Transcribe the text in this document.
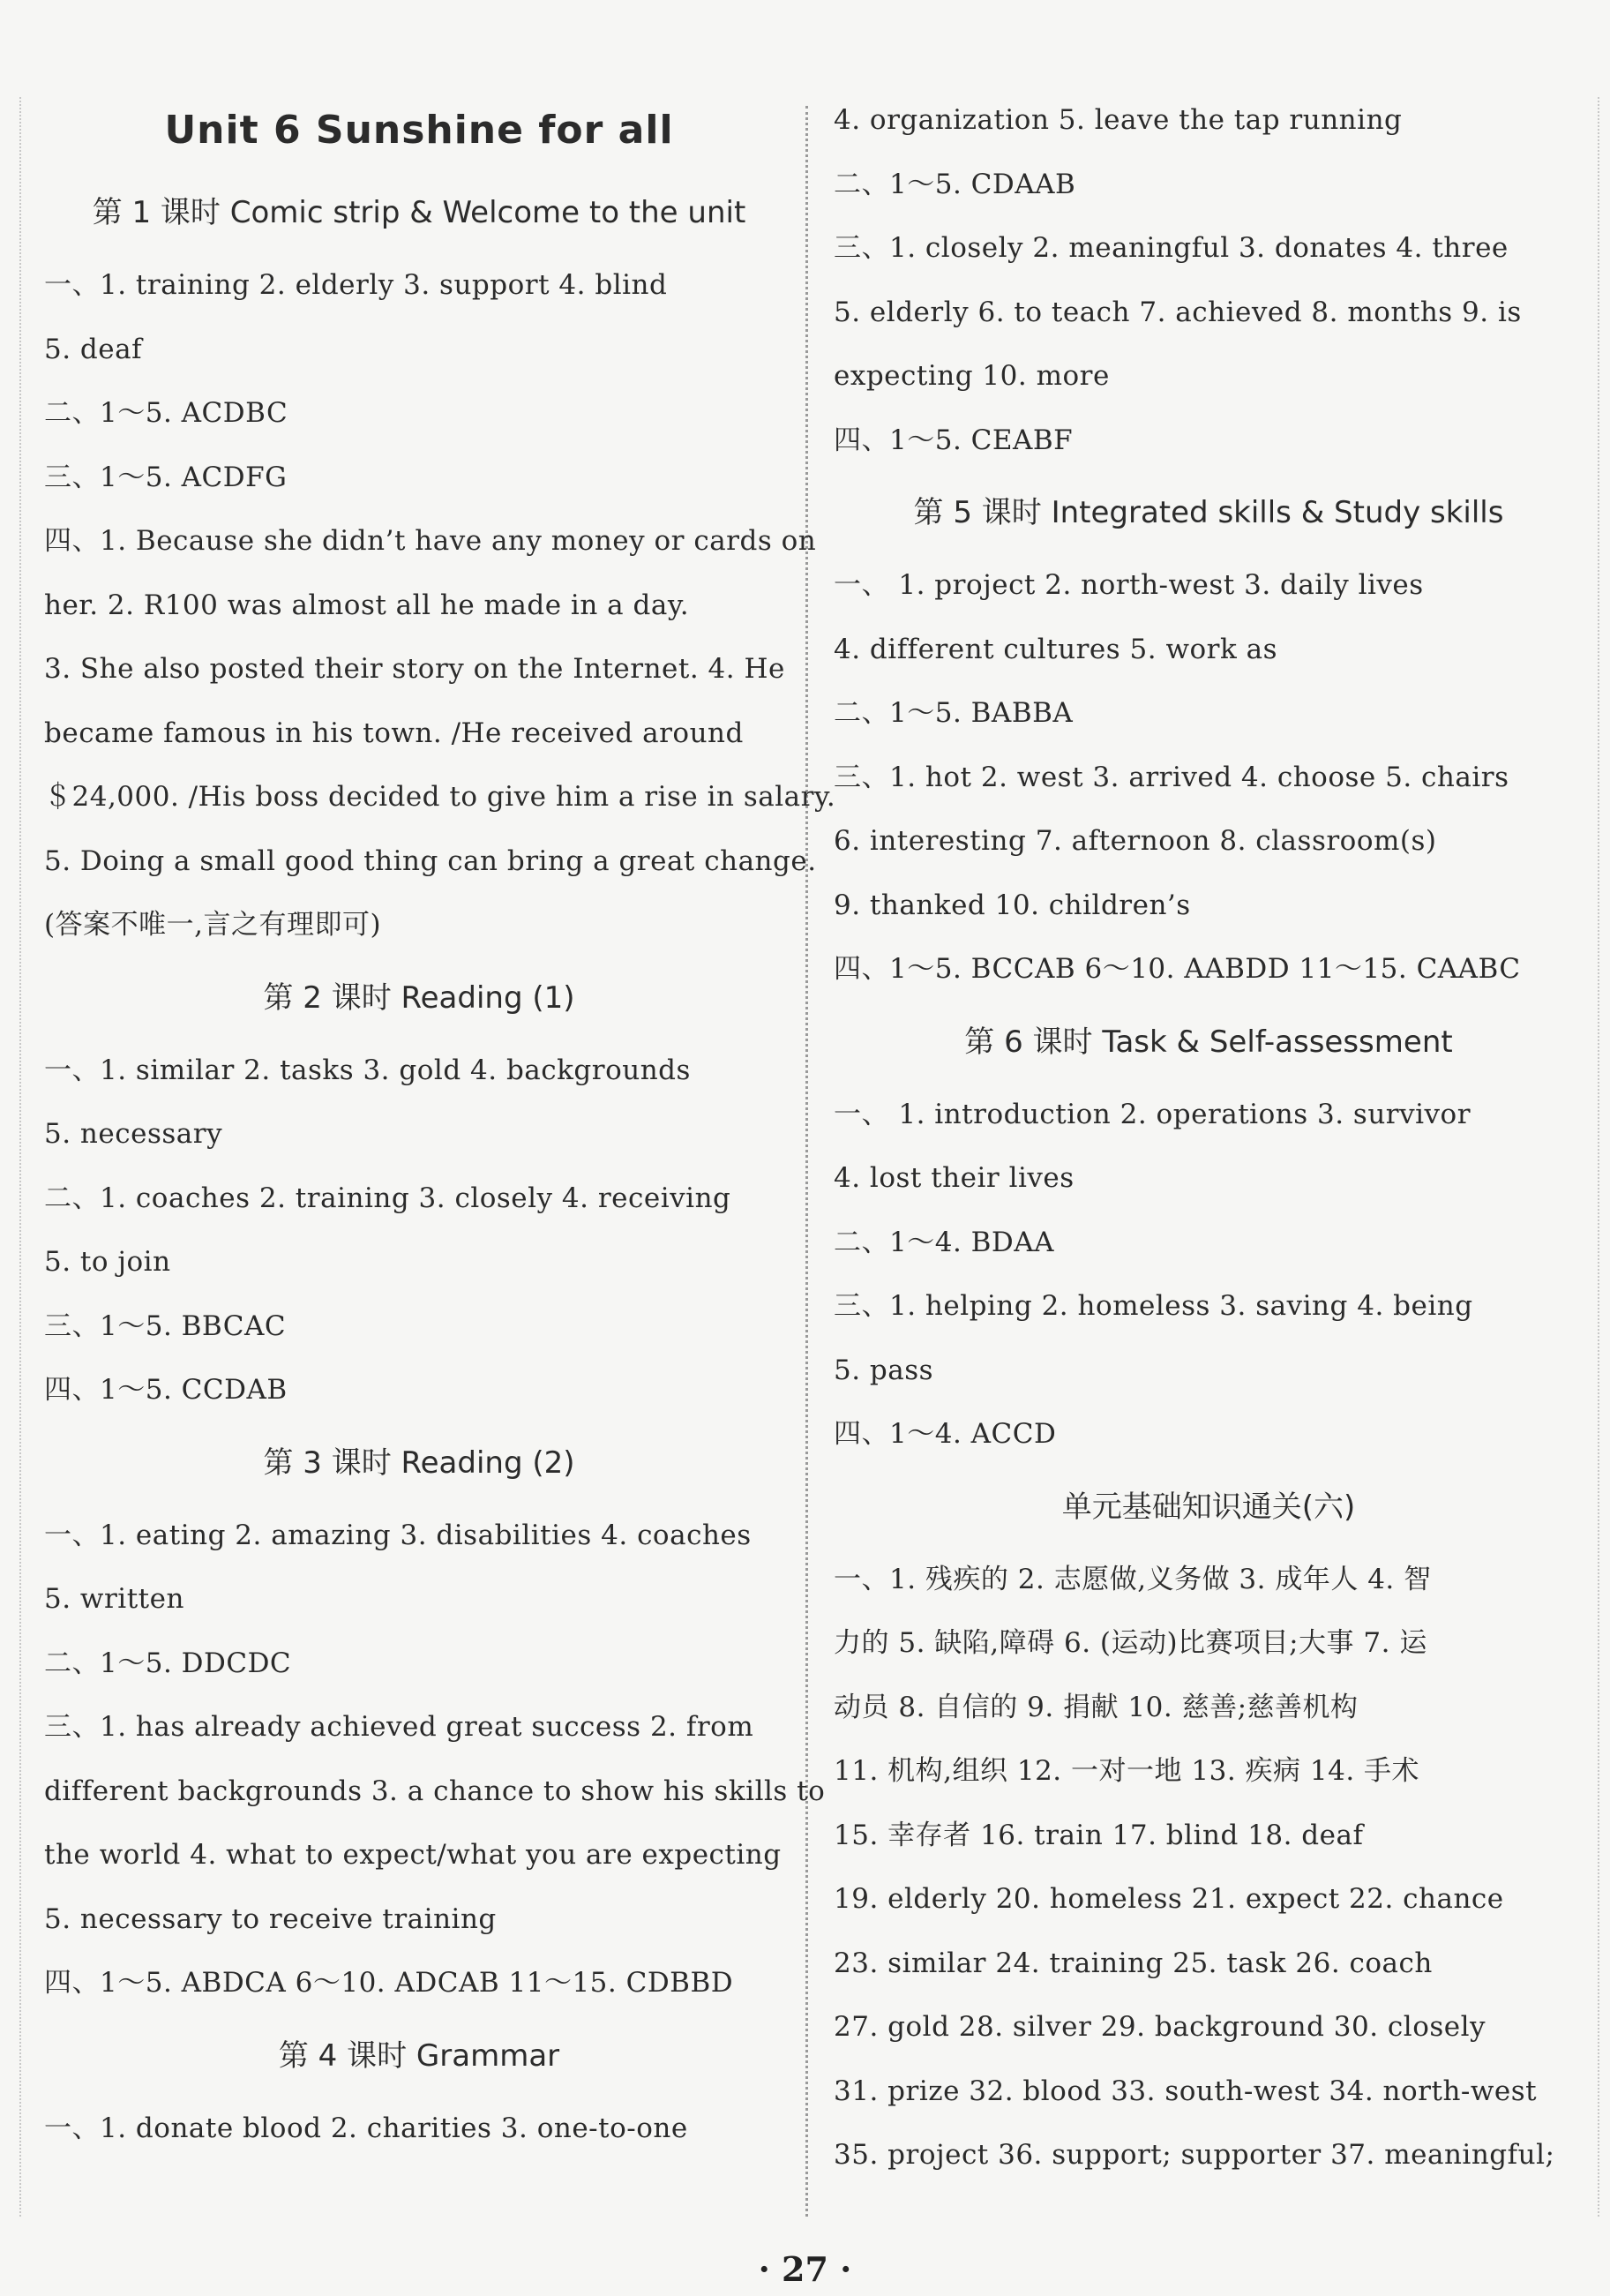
Unit 6 Sunshine for all
第 1 课时 Comic strip & Welcome to the unit
一、1. training 2. elderly 3. support 4. blind
5. deaf
二、1～5. ACDBC
三、1～5. ACDFG
四、1. Because she didn’t have any money or cards on
her. 2. R100 was almost all he made in a day.
3. She also posted their story on the Internet. 4. He
became famous in his town. /He received around
＄24,000. /His boss decided to give him a rise in salary.
5. Doing a small good thing can bring a great change.
(答案不唯一,言之有理即可)
第 2 课时 Reading (1)
一、1. similar 2. tasks 3. gold 4. backgrounds
5. necessary
二、1. coaches 2. training 3. closely 4. receiving
5. to join
三、1～5. BBCAC
四、1～5. CCDAB
第 3 课时 Reading (2)
一、1. eating 2. amazing 3. disabilities 4. coaches
5. written
二、1～5. DDCDC
三、1. has already achieved great success 2. from
different backgrounds 3. a chance to show his skills to
the world 4. what to expect/what you are expecting
5. necessary to receive training
四、1～5. ABDCA 6～10. ADCAB 11～15. CDBBD
第 4 课时 Grammar
一、1. donate blood 2. charities 3. one-to-one
4. organization 5. leave the tap running
二、1～5. CDAAB
三、1. closely 2. meaningful 3. donates 4. three
5. elderly 6. to teach 7. achieved 8. months 9. is
expecting 10. more
四、1～5. CEABF
第 5 课时 Integrated skills & Study skills
一、 1. project 2. north-west 3. daily lives
4. different cultures 5. work as
二、1～5. BABBA
三、1. hot 2. west 3. arrived 4. choose 5. chairs
6. interesting 7. afternoon 8. classroom(s)
9. thanked 10. children’s
四、1～5. BCCAB 6～10. AABDD 11～15. CAABC
第 6 课时 Task & Self-assessment
一、 1. introduction 2. operations 3. survivor
4. lost their lives
二、1～4. BDAA
三、1. helping 2. homeless 3. saving 4. being
5. pass
四、1～4. ACCD
单元基础知识通关(六)
一、1. 残疾的 2. 志愿做,义务做 3. 成年人 4. 智
力的 5. 缺陷,障碍 6. (运动)比赛项目;大事 7. 运
动员 8. 自信的 9. 捐献 10. 慈善;慈善机构
11. 机构,组织 12. 一对一地 13. 疾病 14. 手术
15. 幸存者 16. train 17. blind 18. deaf
19. elderly 20. homeless 21. expect 22. chance
23. similar 24. training 25. task 26. coach
27. gold 28. silver 29. background 30. closely
31. prize 32. blood 33. south-west 34. north-west
35. project 36. support; supporter 37. meaningful;
· 27 ·
